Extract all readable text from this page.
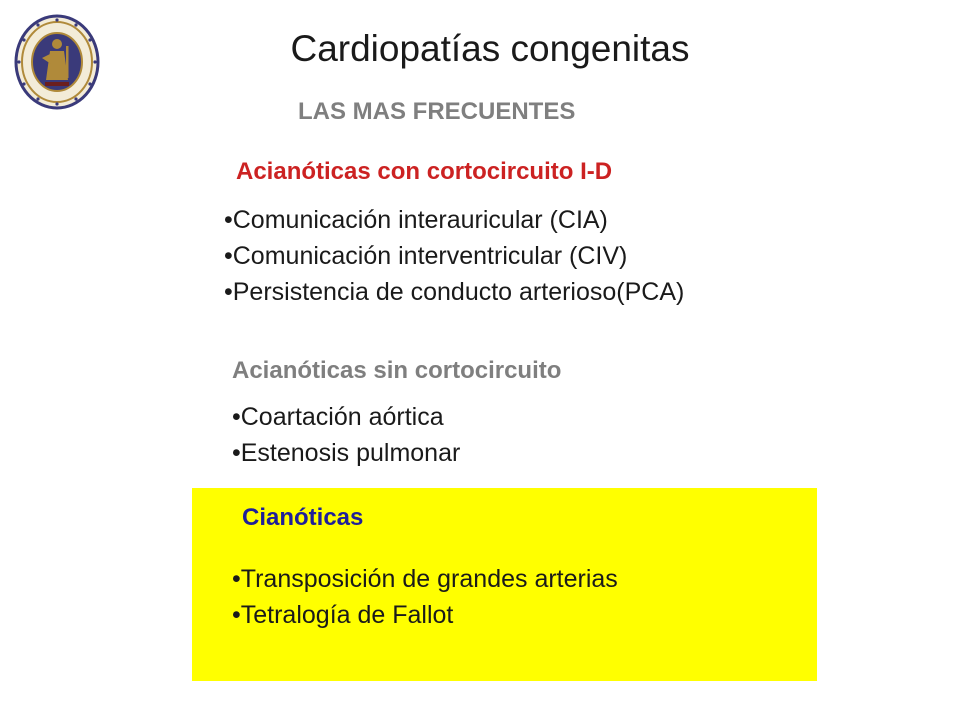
Cardiopatías congenitas
LAS MAS FRECUENTES
Acianóticas con cortocircuito I-D
•Comunicación interauricular (CIA)
•Comunicación interventricular (CIV)
•Persistencia de conducto arterioso(PCA)
Acianóticas sin cortocircuito
•Coartación aórtica
•Estenosis pulmonar
Cianóticas
•Transposición de grandes arterias
•Tetralogía de Fallot
